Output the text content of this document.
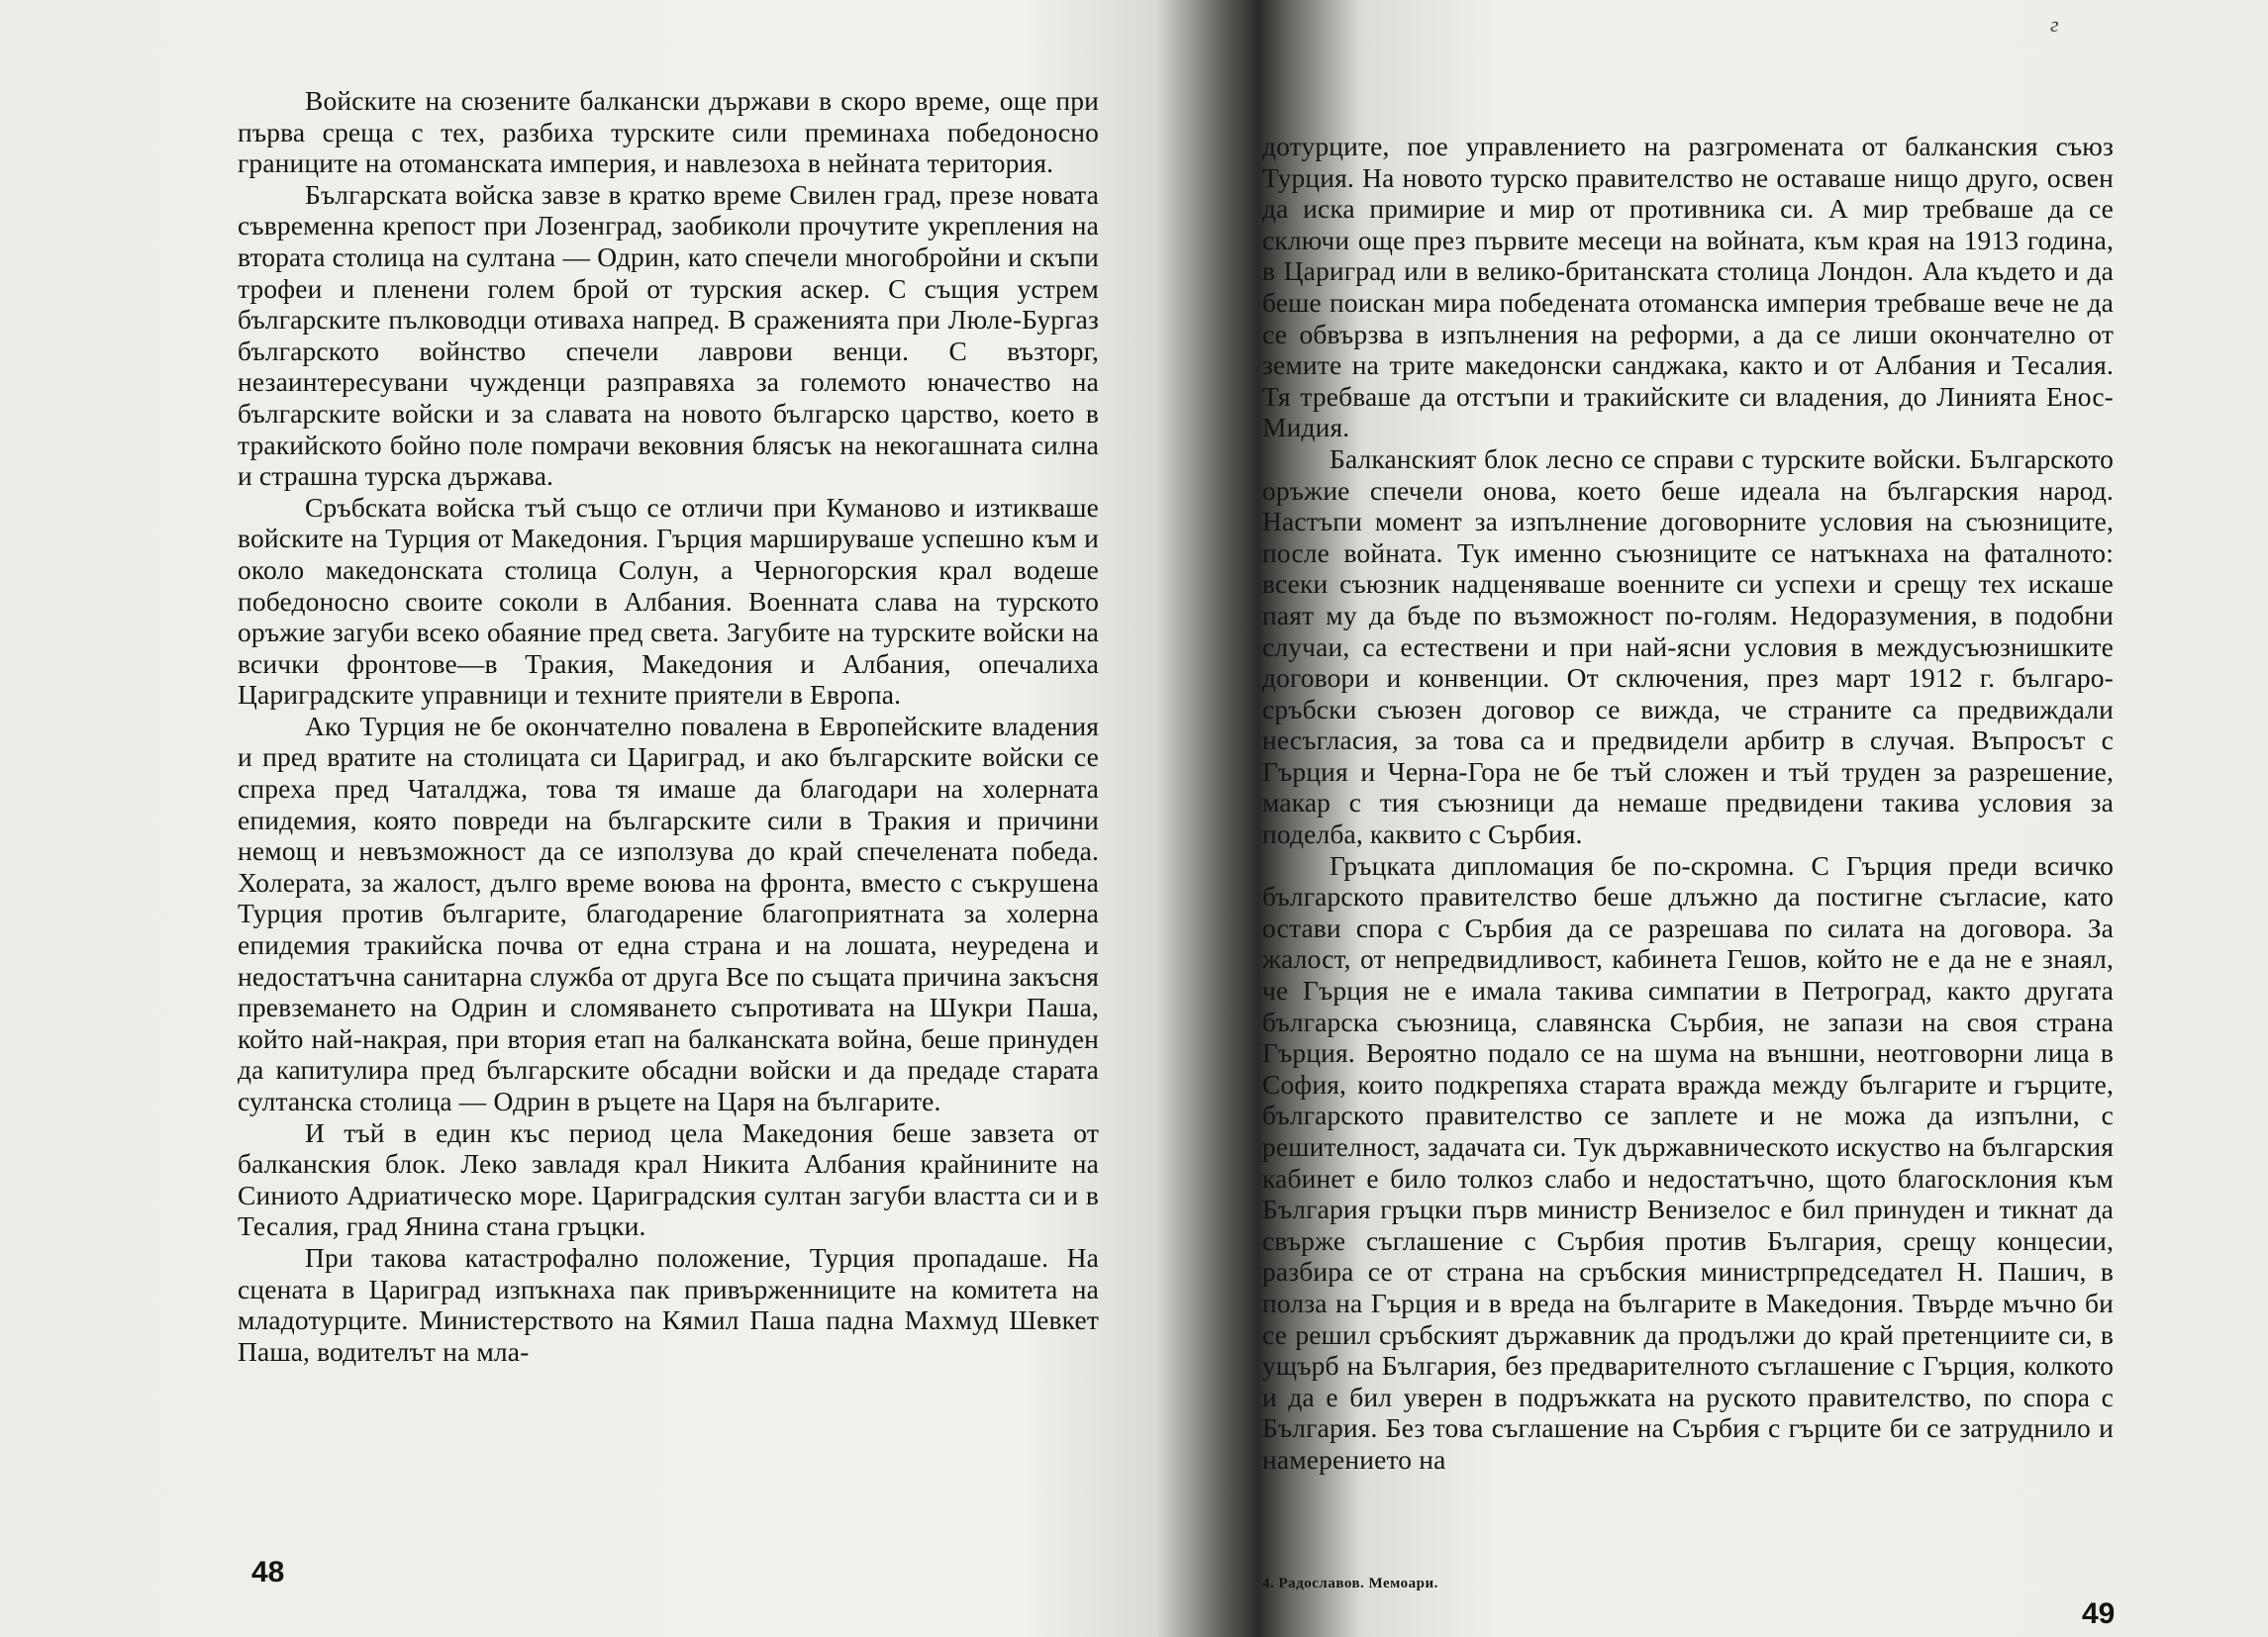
г

Войските на сюзените балкански държави в скоро време, още при първа среща с тех, разбиха турските сили преминаха победоносно границите на отоманската империя, и навлезоха в нейната територия.

Българската войска завзе в кратко време Свилен град, презе новата съвременна крепост при Лозенград, заобиколи прочутите укрепления на втората столица на султана — Одрин, като спечели многобройни и скъпи трофеи и пленени голем брой от турския аскер. С същия устрем българските пълководци отиваха напред. В сраженията при Люле-Бургаз българското войнство спечели лаврови венци. С възторг, незаинтересувани чужденци разправяха за големото юначество на българските войски и за славата на новото българско царство, което в тракийското бойно поле помрачи вековния блясък на некогашната силна и страшна турска държава.

Сръбската войска тъй също се отличи при Куманово и изтикваше войските на Турция от Македония. Гърция маршируваше успешно към и около македонската столица Солун, а Черногорския крал водеше победоносно своите соколи в Албания. Военната слава на турското оръжие загуби всеко обаяние пред света. Загубите на турските войски на всички фронтове—в Тракия, Македония и Албания, опечалиха Цариградските управници и техните приятели в Европа.

Ако Турция не бе окончателно повалена в Европейските владения и пред вратите на столицата си Цариград, и ако българските войски се спреха пред Чаталджа, това тя имаше да благодари на холерната епидемия, която повреди на българските сили в Тракия и причини немощ и невъзможност да се използува до край спечелената победа. Холерата, за жалост, дълго време воюва на фронта, вместо с съкрушена Турция против българите, благодарение благоприятната за холерна епидемия тракийска почва от една страна и на лошата, неуредена и недостатъчна санитарна служба от друга Все по същата причина закъсня превземането на Одрин и сломяването съпротивата на Шукри Паша, който най-накрая, при втория етап на балканската война, беше принуден да капитулира пред българските обсадни войски и да предаде старата султанска столица — Одрин в ръцете на Царя на българите.

И тъй в един къс период цела Македония беше завзета от балканския блок. Леко завладя крал Никита Албания крайнините на Синиото Адриатическо море. Цариградския султан загуби властта си и в Тесалия, град Янина стана гръцки.

При такова катастрофално положение, Турция пропадаше. На сцената в Цариград изпъкнаха пак привърженниците на комитета на младотурците. Министерството на Кямил Паша падна Махмуд Шевкет Паша, водителът на мла-

48

дотурците, пое управлението на разгромената от балканския съюз Турция. На новото турско правителство не оставаше нищо друго, освен да иска примирие и мир от противника си. А мир требваше да се сключи още през първите месеци на войната, към края на 1913 година, в Цариград или в велико-британската столица Лондон. Ала където и да беше поискан мира победената отоманска империя требваше вече не да се обвързва в изпълнения на реформи, а да се лиши окончателно от земите на трите македонски санджака, както и от Албания и Тесалия. Тя требваше да отстъпи и тракийските си владения, до Линията Енос-Мидия.

Балканският блок лесно се справи с турските войски. Българското оръжие спечели онова, което беше идеала на българския народ. Настъпи момент за изпълнение договорните условия на съюзниците, после войната. Тук именно съюзниците се натъкнаха на фаталното: всеки съюзник надценяваше военните си успехи и срещу тех искаше паят му да бъде по възможност по-голям. Недоразумения, в подобни случаи, са естествени и при най-ясни условия в междусъюзнишките договори и конвенции. От сключения, през март 1912 г. българо-сръбски съюзен договор се вижда, че страните са предвиждали несъгласия, за това са и предвидели арбитр в случая. Въпросът с Гърция и Черна-Гора не бе тъй сложен и тъй труден за разрешение, макар с тия съюзници да немаше предвидени такива условия за поделба, каквито с Сърбия.

Гръцката дипломация бе по-скромна. С Гърция преди всичко българското правителство беше длъжно да постигне съгласие, като остави спора с Сърбия да се разрешава по силата на договора. За жалост, от непредвидливост, кабинета Гешов, който не е да не е знаял, че Гърция не е имала такива симпатии в Петроград, както другата българска съюзница, славянска Сърбия, не запази на своя страна Гърция. Вероятно подало се на шума на външни, неотговорни лица в София, които подкрепяха старата вражда между българите и гърците, българското правителство се заплете и не можа да изпълни, с решителност, задачата си. Тук държавническото искуство на българския кабинет е било толкоз слабо и недостатъчно, щото благосклония към България гръцки първ министр Венизелос е бил принуден и тикнат да свърже съглашение с Сърбия против България, срещу концесии, разбира се от страна на сръбския министрпредседател Н. Пашич, в полза на Гърция и в вреда на българите в Македония. Твърде мъчно би се решил сръбският държавник да продължи до край претенциите си, в ущърб на България, без предварителното съглашение с Гърция, колкото и да е бил уверен в подръжката на руското правителство, по спора с България. Без това съглашение на Сърбия с гърците би се затруднило и намерението на

4. Радославов. Мемоари.
49
